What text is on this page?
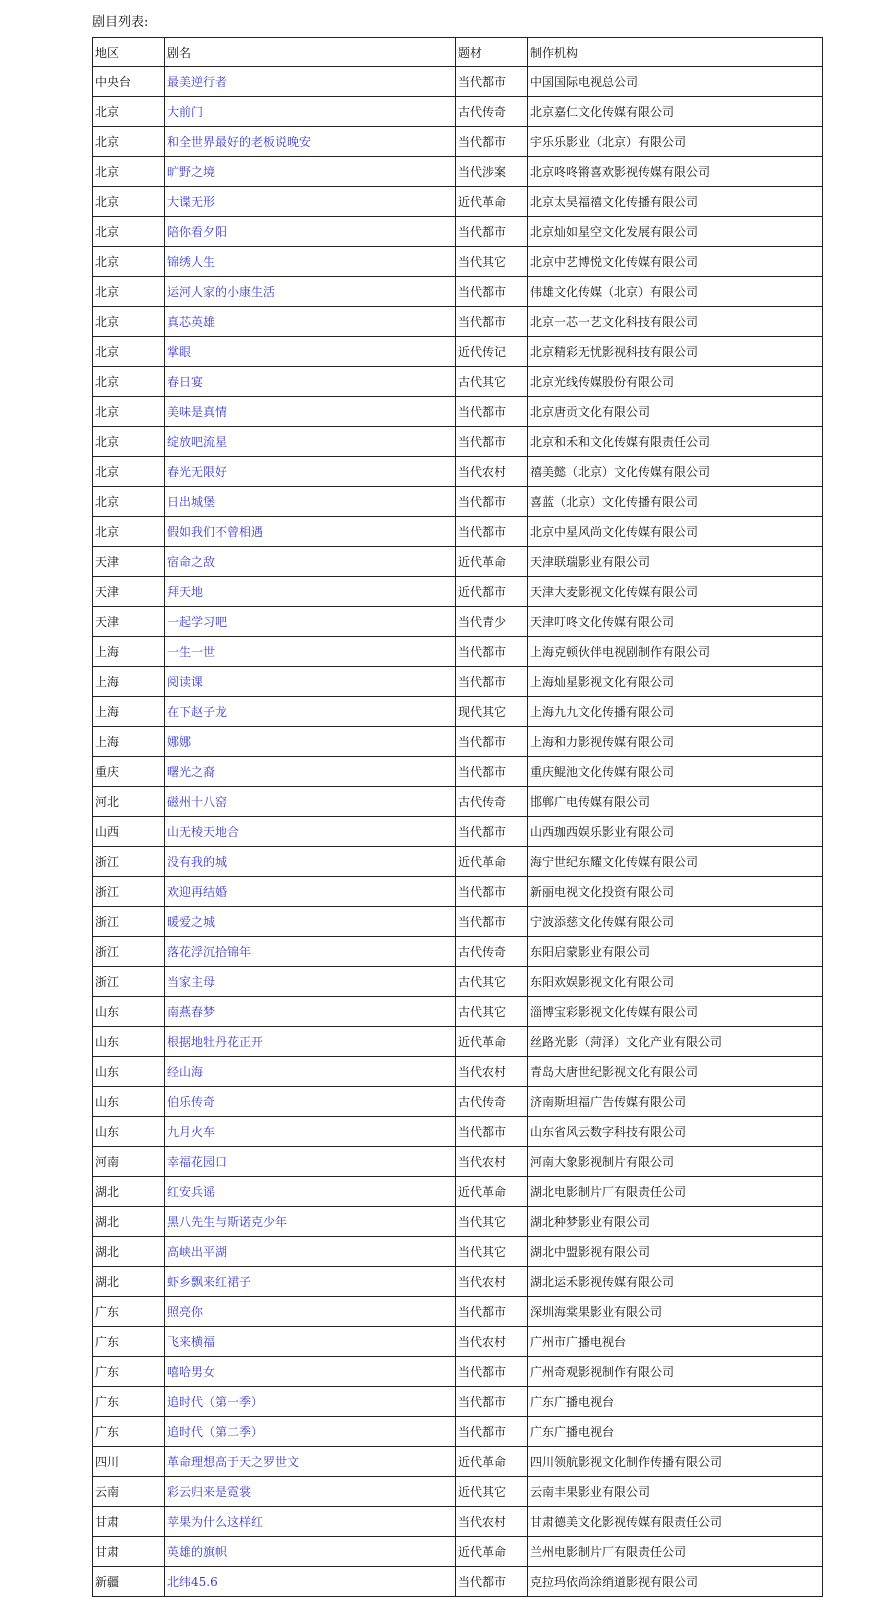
剧目列表:
地区	剧名	题材	制作机构
中央台	最美逆行者	当代都市	中国国际电视总公司
北京	大前门	古代传奇	北京嘉仁文化传媒有限公司
北京	和全世界最好的老板说晚安	当代都市	宇乐乐影业（北京）有限公司
北京	旷野之境	当代涉案	北京咚咚锵喜欢影视传媒有限公司
北京	大谍无形	近代革命	北京太昊福禧文化传播有限公司
北京	陪你看夕阳	当代都市	北京灿如星空文化发展有限公司
北京	锦绣人生	当代其它	北京中艺博悦文化传媒有限公司
北京	运河人家的小康生活	当代都市	伟雄文化传媒（北京）有限公司
北京	真芯英雄	当代都市	北京一芯一艺文化科技有限公司
北京	掌眼	近代传记	北京精彩无忧影视科技有限公司
北京	春日宴	古代其它	北京光线传媒股份有限公司
北京	美味是真情	当代都市	北京唐贡文化有限公司
北京	绽放吧流星	当代都市	北京和禾和文化传媒有限责任公司
北京	春光无限好	当代农村	禧美懿（北京）文化传媒有限公司
北京	日出城堡	当代都市	喜蓝（北京）文化传播有限公司
北京	假如我们不曾相遇	当代都市	北京中星风尚文化传媒有限公司
天津	宿命之敌	近代革命	天津联瑞影业有限公司
天津	拜天地	近代都市	天津大麦影视文化传媒有限公司
天津	一起学习吧	当代青少	天津叮咚文化传媒有限公司
上海	一生一世	当代都市	上海克顿伙伴电视剧制作有限公司
上海	阅读课	当代都市	上海灿星影视文化有限公司
上海	在下赵子龙	现代其它	上海九九文化传播有限公司
上海	娜娜	当代都市	上海和力影视传媒有限公司
重庆	曙光之裔	当代都市	重庆鲲池文化传媒有限公司
河北	磁州十八窑	古代传奇	邯郸广电传媒有限公司
山西	山无棱天地合	当代都市	山西珈西娱乐影业有限公司
浙江	没有我的城	近代革命	海宁世纪东耀文化传媒有限公司
浙江	欢迎再结婚	当代都市	新丽电视文化投资有限公司
浙江	暖爱之城	当代都市	宁波添慈文化传媒有限公司
浙江	落花浮沉拾锦年	古代传奇	东阳启蒙影业有限公司
浙江	当家主母	古代其它	东阳欢娱影视文化有限公司
山东	南燕春梦	古代其它	淄博宝彩影视文化传媒有限公司
山东	根据地牡丹花正开	近代革命	丝路光影（菏泽）文化产业有限公司
山东	经山海	当代农村	青岛大唐世纪影视文化有限公司
山东	伯乐传奇	古代传奇	济南斯坦福广告传媒有限公司
山东	九月火车	当代都市	山东省风云数字科技有限公司
河南	幸福花园口	当代农村	河南大象影视制片有限公司
湖北	红安兵谣	近代革命	湖北电影制片厂有限责任公司
湖北	黑八先生与斯诺克少年	当代其它	湖北种梦影业有限公司
湖北	高峡出平湖	当代其它	湖北中盟影视有限公司
湖北	虾乡飘来红裙子	当代农村	湖北运禾影视传媒有限公司
广东	照亮你	当代都市	深圳海棠果影业有限公司
广东	飞来横福	当代农村	广州市广播电视台
广东	嘻哈男女	当代都市	广州奇观影视制作有限公司
广东	追时代（第一季）	当代都市	广东广播电视台
广东	追时代（第二季）	当代都市	广东广播电视台
四川	革命理想高于天之罗世文	近代革命	四川领航影视文化制作传播有限公司
云南	彩云归来是霓裳	近代其它	云南丰果影业有限公司
甘肃	苹果为什么这样红	当代农村	甘肃德美文化影视传媒有限责任公司
甘肃	英雄的旗帜	近代革命	兰州电影制片厂有限责任公司
新疆	北纬45.6	当代都市	克拉玛依尚涂绡道影视有限公司
